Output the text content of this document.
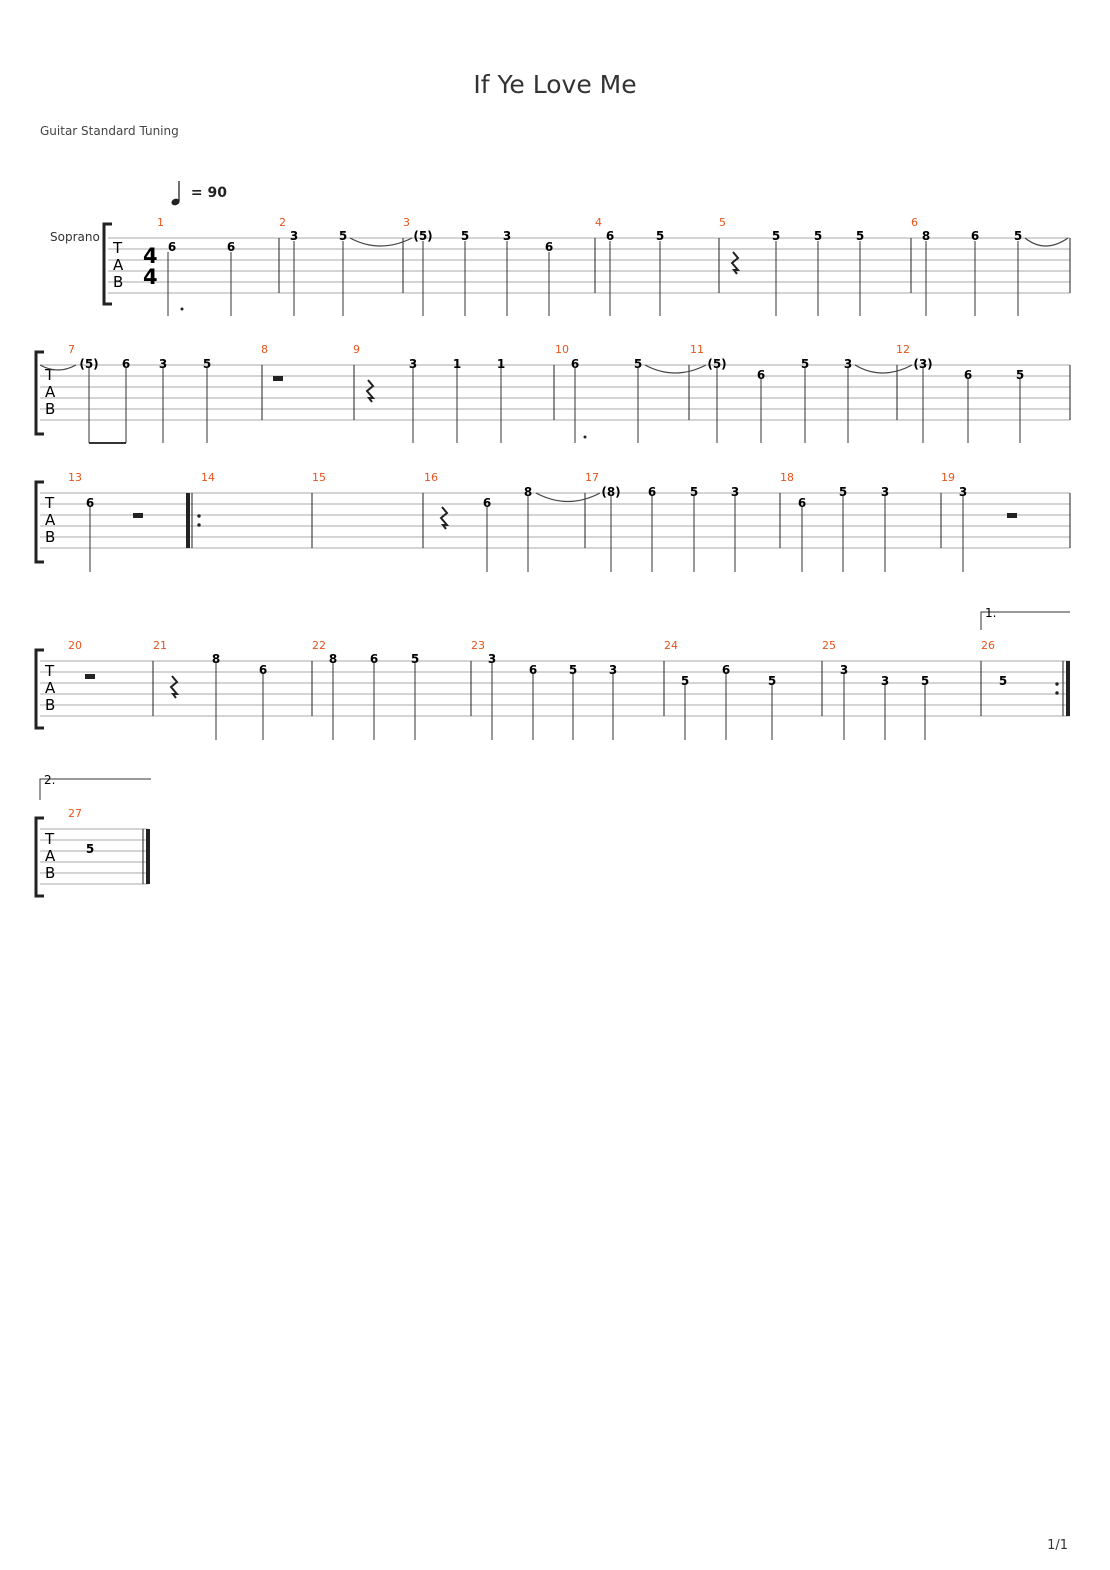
If Ye Love Me
Guitar Standard Tuning
= 90
Soprano
1/1
T
A
B
4
4
1	2	3	4	5	6
6	6
3	5	(5) 5	3
6
6	5	5	5	5	8	6	5
T
A
B
7	8	9	10	11	12
(5) 6 3	5	3	1	1	6	5	(5)
6
5	3	(3)
6	5
T
A
B
13	14	15	16	17	18	19
6	6
8	(8) 6	5	3
6
5	3	3
1.
T
A
B
20	21	22	23	24	25	26
8
6
8	6	5	3
6	5	3
5
6
5
3
3	5	5
2.
T
A
B
27
5
